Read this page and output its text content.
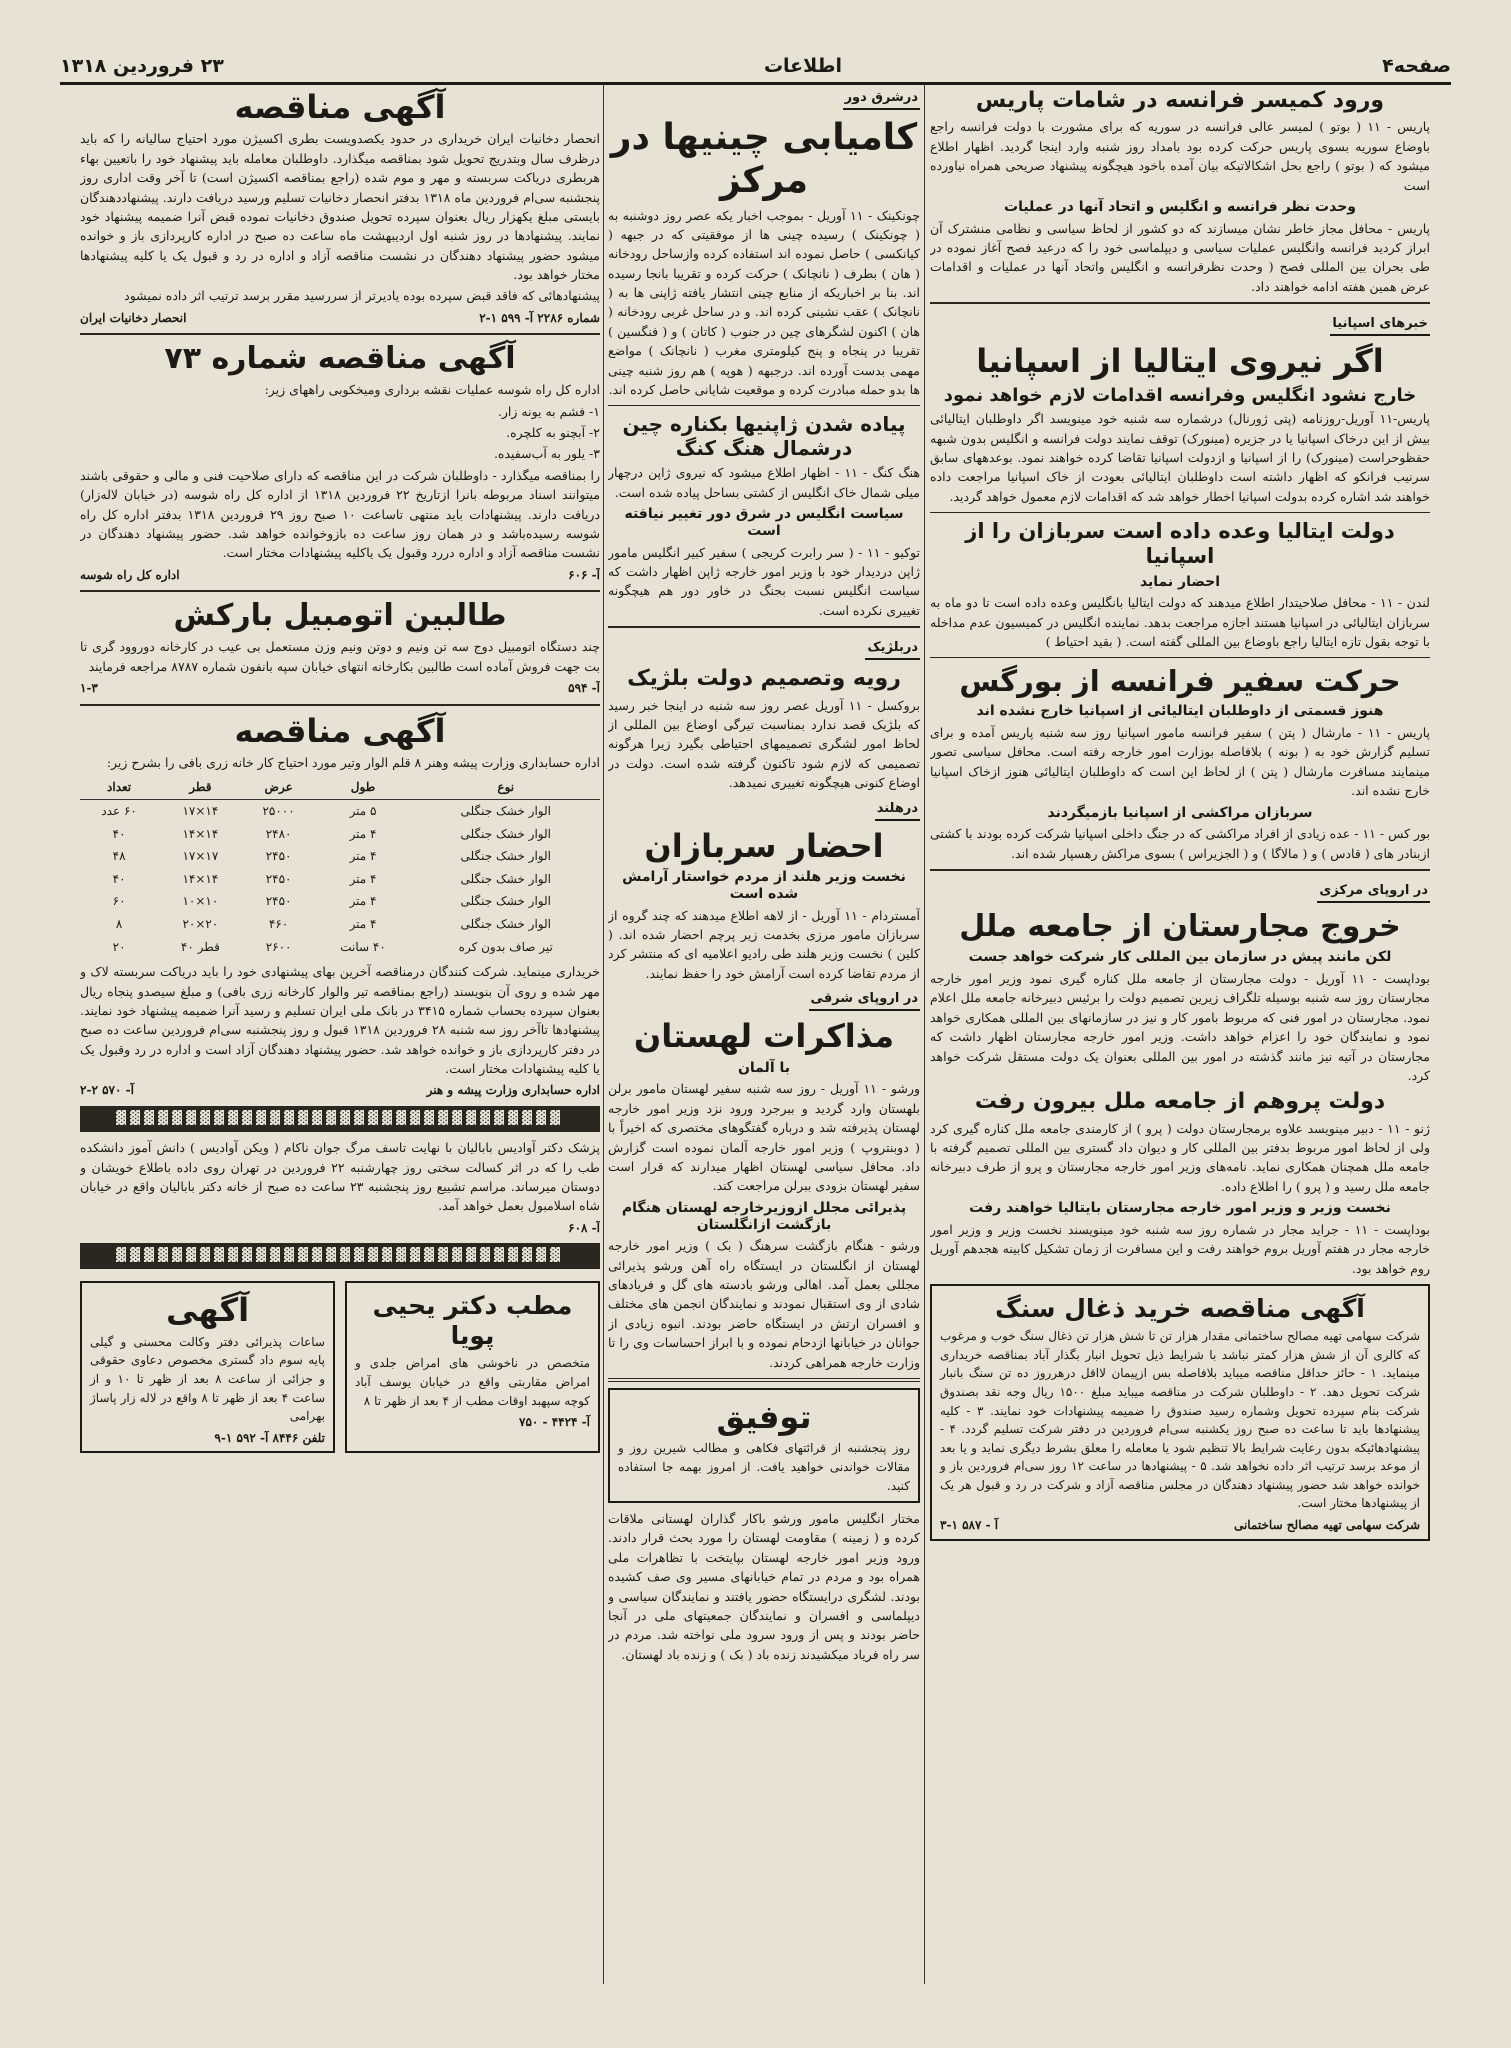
صفحه۴
اطلاعات
۲۳ فروردین ۱۳۱۸
ورود کمیسر فرانسه در شامات پاریس

پاریس - ۱۱ ( بوتو ) لمیسر عالی فرانسه در سوریه که برای مشورت با دولت فرانسه راجع باوضاع سوریه بسوی پاریس حرکت کرده بود بامداد روز شنبه وارد اینجا گردید. اظهار اطلاع میشود که ( بوتو ) راجع بحل اشکالاتیکه بیان آمده باخود هیچگونه پیشنهاد صریحی همراه نیاورده است

وحدت نظر فرانسه و انگلیس و اتحاد آنها در عملیات

پاریس - محافل مجاز خاطر نشان میسازند که دو کشور از لحاظ سیاسی و نظامی منشترک آن ابراز کردید فرانسه وانگلیس عملیات سیاسی و دیپلماسی خود را که درعید فصح آغاز نموده در طی بحران بین المللی فصح ( وحدت نظرفرانسه و انگلیس واتحاد آنها در عملیات و اقدامات عرض همین هفته ادامه خواهند داد.

خبرهای اسپانیا
اگر نیروی ایتالیا از اسپانیا
خارج نشود انگلیس وفرانسه اقدامات لازم خواهد نمود

پاریس-۱۱ آوریل-روزنامه (پتی ژورنال) درشماره سه شنبه خود مینویسد اگر داوطلبان ایتالیائی بیش از این درخاک اسپانیا یا در جزیره (مینورک) توقف نمایند دولت فرانسه و انگلیس بدون شبهه حفظوحراست (مینورک) را از اسپانیا و ازدولت اسپانیا تقاضا کرده خواهند نمود. بوعدههای سابق سرنیب فرانکو که اظهار داشته است داوطلبان ایتالیائی بعودت از خاک اسپانیا مراجعت داده خواهند شد اشاره کرده بدولت اسپانیا اخطار خواهد شد که اقدامات لازم معمول خواهد گردید.

دولت ایتالیا وعده داده است سربازان را از اسپانیا
احضار نماید

لندن - ۱۱ - محافل صلاحیتدار اطلاع میدهند که دولت ایتالیا بانگلیس وعده داده است تا دو ماه به سربازان ایتالیائی در اسپانیا هستند اجازه مراجعت بدهد. نماینده انگلیس در کمیسیون عدم مداخله با توجه بقول تازه ایتالیا راجع باوضاع بین المللی گفته است. ( بقید احتیاط )

حرکت سفیر فرانسه از بورگس
هنوز قسمتی از داوطلبان ایتالیائی از اسپانیا خارج نشده اند

پاریس - ۱۱ - مارشال ( پتن ) سفیر فرانسه مامور اسپانیا روز سه شنبه پاریس آمده و برای تسلیم گزارش خود به ( بونه ) بلافاصله بوزارت امور خارجه رفته است. محافل سیاسی تصور مینمایند مسافرت مارشال ( پتن ) از لحاظ این است که داوطلبان ایتالیائی هنوز ازخاک اسپانیا خارج نشده اند.

سربازان مراکشی از اسپانیا بازمیگردند

بور کس - ۱۱ - عده زیادی از افراد مراکشی که در جنگ داخلی اسپانیا شرکت کرده بودند با کشتی ازبنادر های ( قادس ) و ( مالاگا ) و ( الجزیراس ) بسوی مراکش رهسپار شده اند.

در اروپای مرکزی
خروج مجارستان از جامعه ملل
لکن مانند پیش در سازمان بین المللی کار شرکت خواهد جست

بوداپست - ۱۱ آوریل - دولت مجارستان از جامعه ملل کناره گیری نمود وزیر امور خارجه مجارستان روز سه شنبه بوسیله تلگراف زیرین تصمیم دولت را برئیس دبیرخانه جامعه ملل اعلام نمود. مجارستان در امور فنی که مربوط بامور کار و نیز در سازمانهای بین المللی همکاری خواهد نمود و نمایندگان خود را اعزام خواهد داشت. وزیر امور خارجه مجارستان اظهار داشت که مجارستان در آتیه نیز مانند گذشته در امور بین المللی بعنوان یک دولت مستقل شرکت خواهد کرد.

دولت پروهم از جامعه ملل بیرون رفت

ژنو - ۱۱ - دبیر مینویسد علاوه برمجارستان دولت ( پرو ) از کارمندی جامعه ملل کناره گیری کرد ولی از لحاظ امور مربوط بدفتر بین المللی کار و دیوان داد گستری بین المللی تصمیم گرفته با جامعه ملل همچنان همکاری نماید. نامه‌های وزیر امور خارجه مجارستان و پرو از طرف دبیرخانه جامعه ملل رسید و ( پرو ) را اطلاع داده.

نخست وزیر و وزیر امور خارجه مجارستان بایتالیا خواهند رفت

بوداپست - ۱۱ - جراید مجار در شماره روز سه شنبه خود مینویسند نخست وزیر و وزیر امور خارجه مجار در هفتم آوریل بروم خواهند رفت و این مسافرت از زمان تشکیل کابینه هجدهم آوریل روم خواهد بود.

آگهی مناقصه خرید ذغال سنگ

شرکت سهامی تهیه مصالح ساختمانی مقدار هزار تن تا شش هزار تن ذغال سنگ خوب و مرغوب که کالری آن از شش هزار کمتر نباشد با شرایط ذیل تحویل انبار بگذار آباد بمناقصه خریداری مینماید. ۱ - حائز حداقل مناقصه میباید بلافاصله بس ازپیمان لااقل درهرروز ده تن سنگ بانبار شرکت تحویل دهد. ۲ - داوطلبان شرکت در مناقصه میباید مبلغ ۱۵۰۰ ریال وجه نقد بصندوق شرکت بنام سپرده تحویل وشماره رسید صندوق را ضمیمه پیشنهادات خود نمایند. ۳ - کلیه پیشنهادها باید تا ساعت ده صبح روز یکشنبه سی‌ام فروردین در دفتر شرکت تسلیم گردد. ۴ - پیشنهادهائیکه بدون رعایت شرایط بالا تنظیم شود یا معامله را معلق بشرط دیگری نماید و یا بعد از موعد برسد ترتیب اثر داده نخواهد شد. ۵ - پیشنهادها در ساعت ۱۲ روز سی‌ام فروردین باز و خوانده خواهد شد حضور پیشنهاد دهندگان در مجلس مناقصه آزاد و شرکت در رد و قبول هر یک از پیشنهادها مختار است.

شرکت سهامی تهیه مصالح ساختمانی
آ - ۵۸۷ ۱-۳
درشرق دور
کامیابی چینیها در مرکز

چونکینک - ۱۱ آوریل - بموجب اخبار یکه عصر روز دوشنبه به ( چونکینک ) رسیده چینی ها از موفقیتی که در جبهه ( کیانکسی ) حاصل نموده اند استفاده کرده وازساحل رودخانه ( هان ) بطرف ( نانچانک ) حرکت کرده و تقریبا بانجا رسیده اند. بنا بر اخباریکه از منابع چینی انتشار یافته ژاپنی ها به ( نانچانک ) عقب نشینی کرده اند. و در ساحل غربی رودخانه ( هان ) اکنون لشگرهای چین در جنوب ( کاتان ) و ( فنگسین ) تقریبا در پنجاه و پنج کیلومتری مغرب ( نانچانک ) مواضع مهمی بدست آورده اند. درجبهه ( هوپه ) هم روز شنبه چینی ها بدو حمله مبادرت کرده و موقعیت شایانی حاصل کرده اند.

پیاده شدن ژاپنیها بکناره چین درشمال هنگ کنگ

هنگ کنگ - ۱۱ - اظهار اطلاع میشود که نیروی ژاپن درچهار میلی شمال خاک انگلیس از کشتی بساحل پیاده شده است.

سیاست انگلیس در شرق دور تغییر نیافته است

توکیو - ۱۱ - ( سر رابرت کریجی ) سفیر کبیر انگلیس مامور ژاپن دردیدار خود با وزیر امور خارجه ژاپن اظهار داشت که سیاست انگلیس نسبت بجنگ در خاور دور هم هیچگونه تغییری نکرده است.

دربلژیک
رویه وتصمیم دولت بلژیک

بروکسل - ۱۱ آوریل عصر روز سه شنبه در اینجا خبر رسید که بلژیک قصد ندارد بمناسبت تیرگی اوضاع بین المللی از لحاظ امور لشگری تصمیمهای احتیاطی بگیرد زیرا هرگونه تصمیمی که لازم شود تاکنون گرفته شده است. دولت در اوضاع کنونی هیچگونه تغییری نمیدهد.

درهلند
احضار سربازان
نخست وزیر هلند از مردم خواستار آرامش شده است

آمستردام - ۱۱ آوریل - از لاهه اطلاع میدهند که چند گروه از سربازان مامور مرزی بخدمت زیر پرچم احضار شده اند. ( کلین ) نخست وزیر هلند طی رادیو اعلامیه ای که منتشر کرد از مردم تقاضا کرده است آرامش خود را حفظ نمایند.

در اروپای شرقی
مذاکرات لهستان
با آلمان

ورشو - ۱۱ آوریل - روز سه شنبه سفیر لهستان مامور برلن بلهستان وارد گردید و ببرجرد ورود نزد وزیر امور خارجه لهستان پذیرفته شد و درباره گفتگوهای مختصری که اخیراً با ( دوبنتروپ ) وزیر امور خارجه آلمان نموده است گزارش داد. محافل سیاسی لهستان اظهار میدارند که قرار است سفیر لهستان بزودی ببرلن مراجعت کند.

پذیرائی مجلل ازوزیرخارجه لهستان هنگام بازگشت ازانگلستان

ورشو - هنگام بازگشت سرهنگ ( بک ) وزیر امور خارجه لهستان از انگلستان در ایستگاه راه آهن ورشو پذیرائی مجللی بعمل آمد. اهالی ورشو بادسته های گل و فریادهای شادی از وی استقبال نمودند و نمایندگان انجمن های مختلف و افسران ارتش در ایستگاه حاضر بودند. انبوه زیادی از جوانان در خیابانها ازدحام نموده و با ابراز احساسات وی را تا وزارت خارجه همراهی کردند.

توفیق

روز پنجشنبه از قرائتهای فکاهی و مطالب شیرین روز و مقالات خواندنی خواهید یافت. از امروز بهمه جا استفاده کنید.

مختار انگلیس مامور ورشو باکار گذاران لهستانی ملاقات کرده و ( زمینه ) مقاومت لهستان را مورد بحث قرار دادند. ورود وزیر امور خارجه لهستان بپایتخت با تظاهرات ملی همراه بود و مردم در تمام خیابانهای مسیر وی صف کشیده بودند. لشگری درایستگاه حضور یافتند و نمایندگان سیاسی و دیپلماسی و افسران و نمایندگان جمعیتهای ملی در آنجا حاضر بودند و پس از ورود سرود ملی نواخته شد. مردم در سر راه فریاد میکشیدند زنده باد ( بک ) و زنده باد لهستان.

آگهی مناقصه

انحصار دخانیات ایران خریداری در حدود یکصدویست بطری اکسیژن مورد احتیاج سالیانه را که باید درظرف سال وبتدریج تحویل شود بمناقصه میگذارد. داوطلبان معامله باید پیشنهاد خود را باتعیین بهاء هربطری دریاکت سربسته و مهر و موم شده (راجع بمناقصه اکسیژن است) تا آخر وقت اداری روز پنجشنبه سی‌ام فروردین ماه ۱۳۱۸ بدفتر انحصار دخانیات تسلیم ورسید دریافت دارند. پیشنهاددهندگان بایستی مبلغ یکهزار ریال بعنوان سپرده تحویل صندوق دخانیات نموده قبض آنرا ضمیمه پیشنهاد خود نمایند. پیشنهادها در روز شنبه اول اردیبهشت ماه ساعت ده صبح در اداره کارپردازی باز و خوانده میشود حضور پیشنهاد دهندگان در نشست مناقصه آزاد و اداره در رد و قبول یک یا کلیه پیشنهادها مختار خواهد بود.

پیشنهادهائی که فاقد قبض سپرده بوده یادیرتر از سررسید مقرر برسد ترتیب اثر داده نمیشود

شماره ۲۲۸۶ آ- ۵۹۹ ۱-۲
انحصار دخانیات ایران
آگهی مناقصه شماره ۷۳

اداره کل راه شوسه عملیات نقشه برداری ومیخکوبی راههای زیر:

۱- فشم به یونه زار.

۲- آبچنو به کلچره.

۳- یلور به آب‌سفیده.

را بمناقصه میگذارد - داوطلبان شرکت در این مناقصه که دارای صلاحیت فنی و مالی و حقوقی باشند میتوانند اسناد مربوطه بانرا ازتاریخ ۲۲ فروردین ۱۳۱۸ از اداره کل راه شوسه (در خیابان لاله‌زار) دریافت دارند. پیشنهادات باید منتهی تاساعت ۱۰ صبح روز ۲۹ فروردین ۱۳۱۸ بدفتر اداره کل راه شوسه رسیده‌باشد و در همان روز ساعت ده بازوخوانده خواهد شد. حضور پیشنهاد دهندگان در نشست مناقصه آزاد و اداره دررد وقبول یک یاکلیه پیشنهادات مختار است.

آ- ۶۰۶
اداره کل راه شوسه
طالبین اتومبیل بارکش

چند دستگاه اتومبیل دوج سه تن ونیم و دوتن ونیم وزن مستعمل بی عیب در کارخانه دوروود گری تا بت جهت فروش آماده است طالبین بکارخانه انتهای خیابان سپه بانفون شماره ۸۷۸۷ مراجعه فرمایند

آ- ۵۹۴
۱-۳
آگهی مناقصه

اداره حسابداری وزارت پیشه وهنر ۸ قلم الوار وتیر مورد احتیاج کار خانه زری بافی را بشرح زیر:

نوع	طول	عرض	قطر	تعداد
الوار خشک جنگلی	۵ متر	۲۵۰۰۰	۱۴×۱۷	۶۰ عدد
الوار خشک جنگلی	۴ متر	۲۴۸۰	۱۴×۱۴	۴۰
الوار خشک جنگلی	۴ متر	۲۴۵۰	۱۷×۱۷	۴۸
الوار خشک جنگلی	۴ متر	۲۴۵۰	۱۴×۱۴	۴۰
الوار خشک جنگلی	۴ متر	۲۴۵۰	۱۰×۱۰	۶۰
الوار خشک جنگلی	۴ متر	۴۶۰	۲۰×۲۰	۸
تیر صاف بدون کره	۴۰ سانت	۲۶۰۰	قطر ۴۰	۲۰

خریداری مینماید. شرکت کنندگان درمناقصه آخرین بهای پیشنهادی خود را باید دریاکت سربسته لاک و مهر شده و روی آن بنویسند (راجع بمناقصه تیر والوار کارخانه زری بافی) و مبلغ سیصدو پنجاه ریال بعنوان سپرده بحساب شماره ۳۴۱۵ در بانک ملی ایران تسلیم و رسید آنرا ضمیمه پیشنهاد خود نمایند. پیشنهادها تاآخر روز سه شنبه ۲۸ فروردین ۱۳۱۸ قبول و روز پنجشنبه سی‌ام فروردین ساعت ده صبح در دفتر کارپردازی باز و خوانده خواهد شد. حضور پیشنهاد دهندگان آزاد است و اداره در رد وقبول یک یا کلیه پیشنهادات مختار است.

اداره حسابداری وزارت پیشه و هنر
آ- ۵۷۰ ۲-۲
▓▓▓▓▓▓▓▓▓▓▓▓▓▓▓▓▓▓▓▓▓▓▓▓▓▓▓▓▓▓▓▓

پزشک دکتر آوادیس بابالیان با نهایت تاسف مرگ جوان ناکام ( ویکن آوادیس ) دانش آموز دانشکده طب را که در اثر کسالت سختی روز چهارشنبه ۲۲ فروردین در تهران روی داده باطلاع خویشان و دوستان میرساند. مراسم تشییع روز پنجشنبه ۲۳ ساعت ده صبح از خانه دکتر بابالیان واقع در خیابان شاه اسلامبول بعمل خواهد آمد.

آ- ۶۰۸
▓▓▓▓▓▓▓▓▓▓▓▓▓▓▓▓▓▓▓▓▓▓▓▓▓▓▓▓▓▓▓▓
مطب دکتر یحیی پویا

متخصص در ناخوشی های امراض جلدی و امراض مقاربتی واقع در خیابان یوسف آباد کوچه سپهبد اوقات مطب از ۴ بعد از ظهر تا ۸

آ- ۴۴۲۴ - ۷۵۰
آگهی

ساعات پذیرائی دفتر وکالت محسنی و گیلی پایه سوم داد گستری مخصوص دعاوی حقوقی و جزائی از ساعت ۸ بعد از ظهر تا ۱۰ و از ساعت ۴ بعد از ظهر تا ۸ واقع در لاله زار پاساژ بهرامی

تلفن ۸۴۴۶ آ- ۵۹۲ ۱-۹
